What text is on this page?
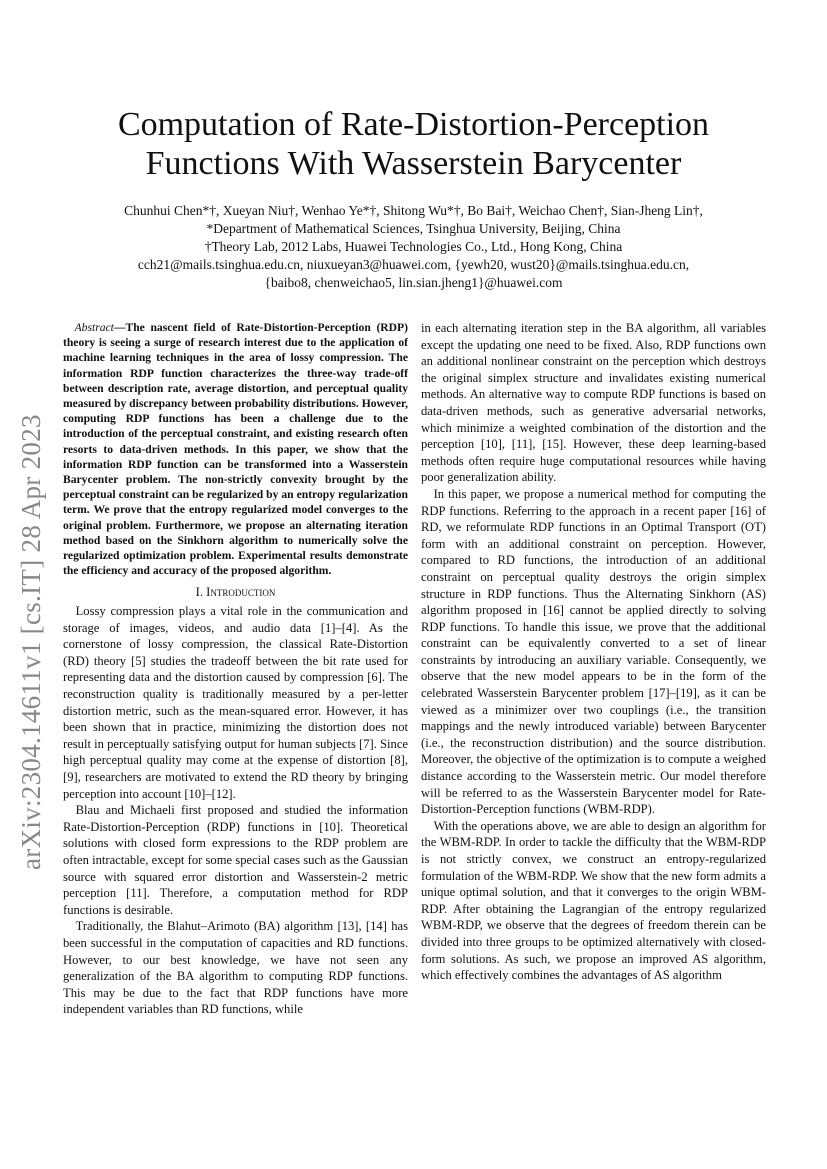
arXiv:2304.14611v1 [cs.IT] 28 Apr 2023
Computation of Rate-Distortion-Perception
Functions With Wasserstein Barycenter
Chunhui Chen*†, Xueyan Niu†, Wenhao Ye*†, Shitong Wu*†, Bo Bai†, Weichao Chen†, Sian-Jheng Lin†,
*Department of Mathematical Sciences, Tsinghua University, Beijing, China
†Theory Lab, 2012 Labs, Huawei Technologies Co., Ltd., Hong Kong, China
cch21@mails.tsinghua.edu.cn, niuxueyan3@huawei.com, {yewh20, wust20}@mails.tsinghua.edu.cn,
{baibo8, chenweichao5, lin.sian.jheng1}@huawei.com
Abstract—The nascent field of Rate-Distortion-Perception (RDP) theory is seeing a surge of research interest due to the application of machine learning techniques in the area of lossy compression. The information RDP function characterizes the three-way trade-off between description rate, average distortion, and perceptual quality measured by discrepancy between probability distributions. However, computing RDP functions has been a challenge due to the introduction of the perceptual constraint, and existing research often resorts to data-driven methods. In this paper, we show that the information RDP function can be transformed into a Wasserstein Barycenter problem. The non-strictly convexity brought by the perceptual constraint can be regularized by an entropy regularization term. We prove that the entropy regularized model converges to the original problem. Furthermore, we propose an alternating iteration method based on the Sinkhorn algorithm to numerically solve the regularized optimization problem. Experimental results demonstrate the efficiency and accuracy of the proposed algorithm.
I. Introduction

Lossy compression plays a vital role in the communication and storage of images, videos, and audio data [1]–[4]. As the cornerstone of lossy compression, the classical Rate-Distortion (RD) theory [5] studies the tradeoff between the bit rate used for representing data and the distortion caused by compression [6]. The reconstruction quality is traditionally measured by a per-letter distortion metric, such as the mean-squared error. However, it has been shown that in practice, minimizing the distortion does not result in perceptually satisfying output for human subjects [7]. Since high perceptual quality may come at the expense of distortion [8], [9], researchers are motivated to extend the RD theory by bringing perception into account [10]–[12].

Blau and Michaeli first proposed and studied the information Rate-Distortion-Perception (RDP) functions in [10]. Theoretical solutions with closed form expressions to the RDP problem are often intractable, except for some special cases such as the Gaussian source with squared error distortion and Wasserstein-2 metric perception [11]. Therefore, a computation method for RDP functions is desirable.

Traditionally, the Blahut–Arimoto (BA) algorithm [13], [14] has been successful in the computation of capacities and RD functions. However, to our best knowledge, we have not seen any generalization of the BA algorithm to computing RDP functions. This may be due to the fact that RDP functions have more independent variables than RD functions, while

in each alternating iteration step in the BA algorithm, all variables except the updating one need to be fixed. Also, RDP functions own an additional nonlinear constraint on the perception which destroys the original simplex structure and invalidates existing numerical methods. An alternative way to compute RDP functions is based on data-driven methods, such as generative adversarial networks, which minimize a weighted combination of the distortion and the perception [10], [11], [15]. However, these deep learning-based methods often require huge computational resources while having poor generalization ability.

In this paper, we propose a numerical method for computing the RDP functions. Referring to the approach in a recent paper [16] of RD, we reformulate RDP functions in an Optimal Transport (OT) form with an additional constraint on perception. However, compared to RD functions, the introduction of an additional constraint on perceptual quality destroys the origin simplex structure in RDP functions. Thus the Alternating Sinkhorn (AS) algorithm proposed in [16] cannot be applied directly to solving RDP functions. To handle this issue, we prove that the additional constraint can be equivalently converted to a set of linear constraints by introducing an auxiliary variable. Consequently, we observe that the new model appears to be in the form of the celebrated Wasserstein Barycenter problem [17]–[19], as it can be viewed as a minimizer over two couplings (i.e., the transition mappings and the newly introduced variable) between Barycenter (i.e., the reconstruction distribution) and the source distribution. Moreover, the objective of the optimization is to compute a weighed distance according to the Wasserstein metric. Our model therefore will be referred to as the Wasserstein Barycenter model for Rate-Distortion-Perception functions (WBM-RDP).

With the operations above, we are able to design an algorithm for the WBM-RDP. In order to tackle the difficulty that the WBM-RDP is not strictly convex, we construct an entropy-regularized formulation of the WBM-RDP. We show that the new form admits a unique optimal solution, and that it converges to the origin WBM-RDP. After obtaining the Lagrangian of the entropy regularized WBM-RDP, we observe that the degrees of freedom therein can be divided into three groups to be optimized alternatively with closed-form solutions. As such, we propose an improved AS algorithm, which effectively combines the advantages of AS algorithm
